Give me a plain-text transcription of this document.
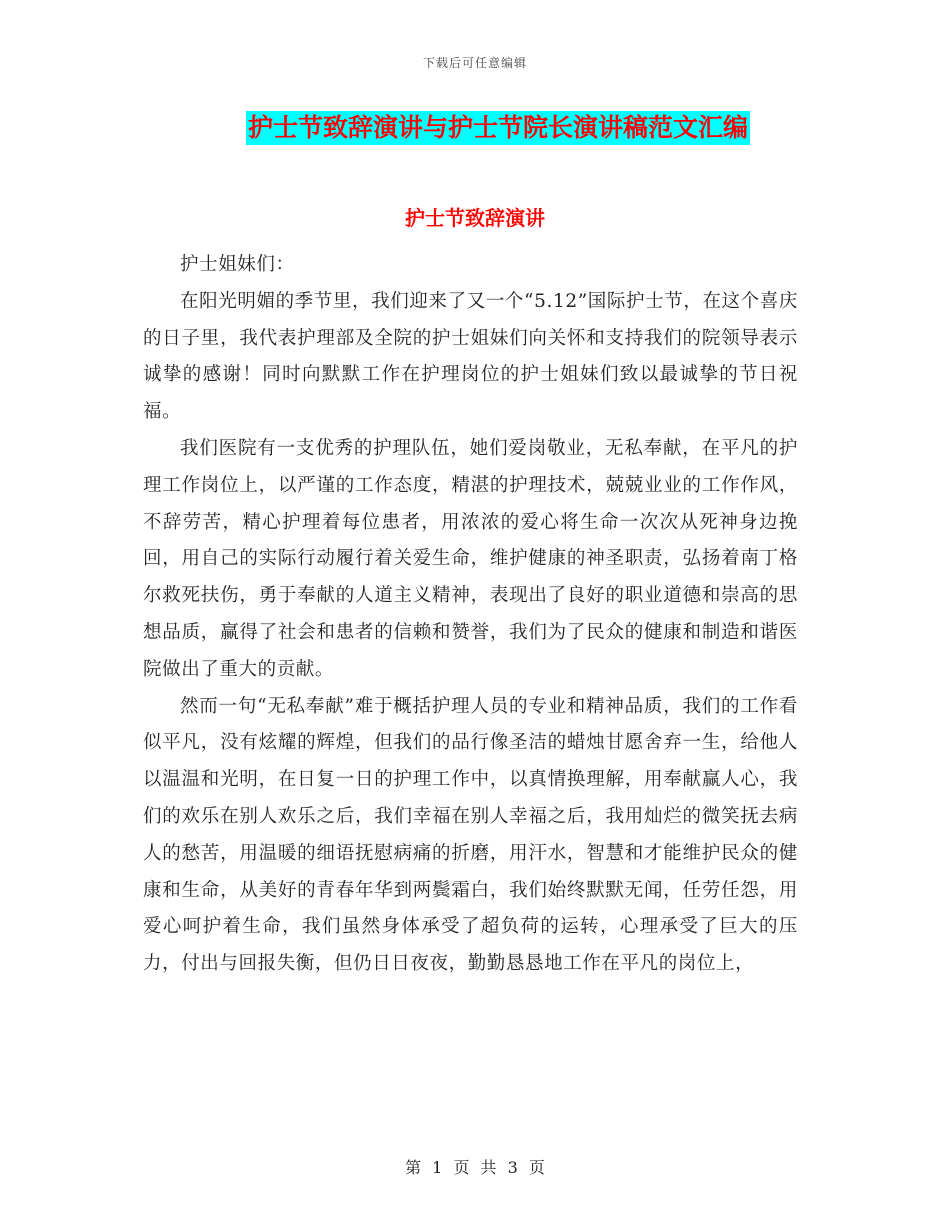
下载后可任意编辑
护士节致辞演讲与护士节院长演讲稿范文汇编
护士节致辞演讲

护士姐妹们：

在阳光明媚的季节里，我们迎来了又一个“5.12”国际护士节，在这个喜庆的日子里，我代表护理部及全院的护士姐妹们向关怀和支持我们的院领导表示诚挚的感谢！同时向默默工作在护理岗位的护士姐妹们致以最诚挚的节日祝福。

我们医院有一支优秀的护理队伍，她们爱岗敬业，无私奉献，在平凡的护理工作岗位上，以严谨的工作态度，精湛的护理技术，兢兢业业的工作作风，不辞劳苦，精心护理着每位患者，用浓浓的爱心将生命一次次从死神身边挽回，用自己的实际行动履行着关爱生命，维护健康的神圣职责，弘扬着南丁格尔救死扶伤，勇于奉献的人道主义精神，表现出了良好的职业道德和崇高的思想品质，赢得了社会和患者的信赖和赞誉，我们为了民众的健康和制造和谐医院做出了重大的贡献。

然而一句“无私奉献”难于概括护理人员的专业和精神品质，我们的工作看似平凡，没有炫耀的辉煌，但我们的品行像圣洁的蜡烛甘愿舍弃一生，给他人以温温和光明，在日复一日的护理工作中，以真情换理解，用奉献赢人心，我们的欢乐在别人欢乐之后，我们幸福在别人幸福之后，我用灿烂的微笑抚去病人的愁苦，用温暖的细语抚慰病痛的折磨，用汗水，智慧和才能维护民众的健康和生命，从美好的青春年华到两鬓霜白，我们始终默默无闻，任劳任怨，用爱心呵护着生命，我们虽然身体承受了超负荷的运转，心理承受了巨大的压力，付出与回报失衡，但仍日日夜夜，勤勤恳恳地工作在平凡的岗位上，

第 1 页 共 3 页
